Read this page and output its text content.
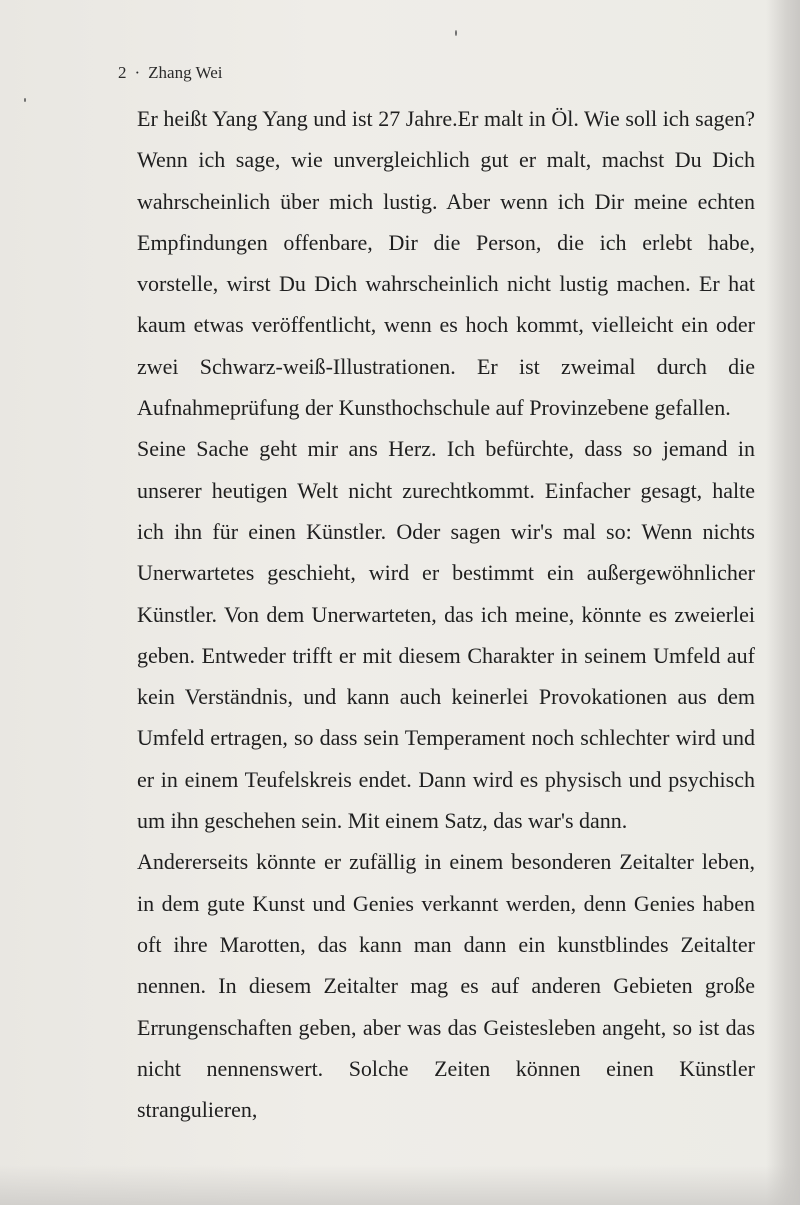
2 · Zhang Wei

Er heißt Yang Yang und ist 27 Jahre.Er malt in Öl. Wie soll ich sagen? Wenn ich sage, wie unvergleichlich gut er malt, machst Du Dich wahrscheinlich über mich lustig. Aber wenn ich Dir meine echten Empfindungen offenbare, Dir die Person, die ich erlebt habe, vorstelle, wirst Du Dich wahrscheinlich nicht lustig machen. Er hat kaum etwas veröffentlicht, wenn es hoch kommt, vielleicht ein oder zwei Schwarz-weiß-Illustrationen. Er ist zweimal durch die Aufnahmeprüfung der Kunsthochschule auf Provinzebene gefallen.

Seine Sache geht mir ans Herz. Ich befürchte, dass so jemand in unserer heutigen Welt nicht zurechtkommt. Einfacher gesagt, halte ich ihn für einen Künstler. Oder sagen wir's mal so: Wenn nichts Unerwartetes geschieht, wird er bestimmt ein außergewöhnlicher Künstler. Von dem Unerwarteten, das ich meine, könnte es zweierlei geben. Entweder trifft er mit diesem Charakter in seinem Umfeld auf kein Verständnis, und kann auch keinerlei Provokationen aus dem Umfeld ertragen, so dass sein Temperament noch schlechter wird und er in einem Teufelskreis endet. Dann wird es physisch und psychisch um ihn geschehen sein. Mit einem Satz, das war's dann.

Andererseits könnte er zufällig in einem besonderen Zeitalter leben, in dem gute Kunst und Genies verkannt werden, denn Genies haben oft ihre Marotten, das kann man dann ein kunstblindes Zeitalter nennen. In diesem Zeitalter mag es auf anderen Gebieten große Errungenschaften geben, aber was das Geistesleben angeht, so ist das nicht nennenswert. Solche Zeiten können einen Künstler strangulieren,
